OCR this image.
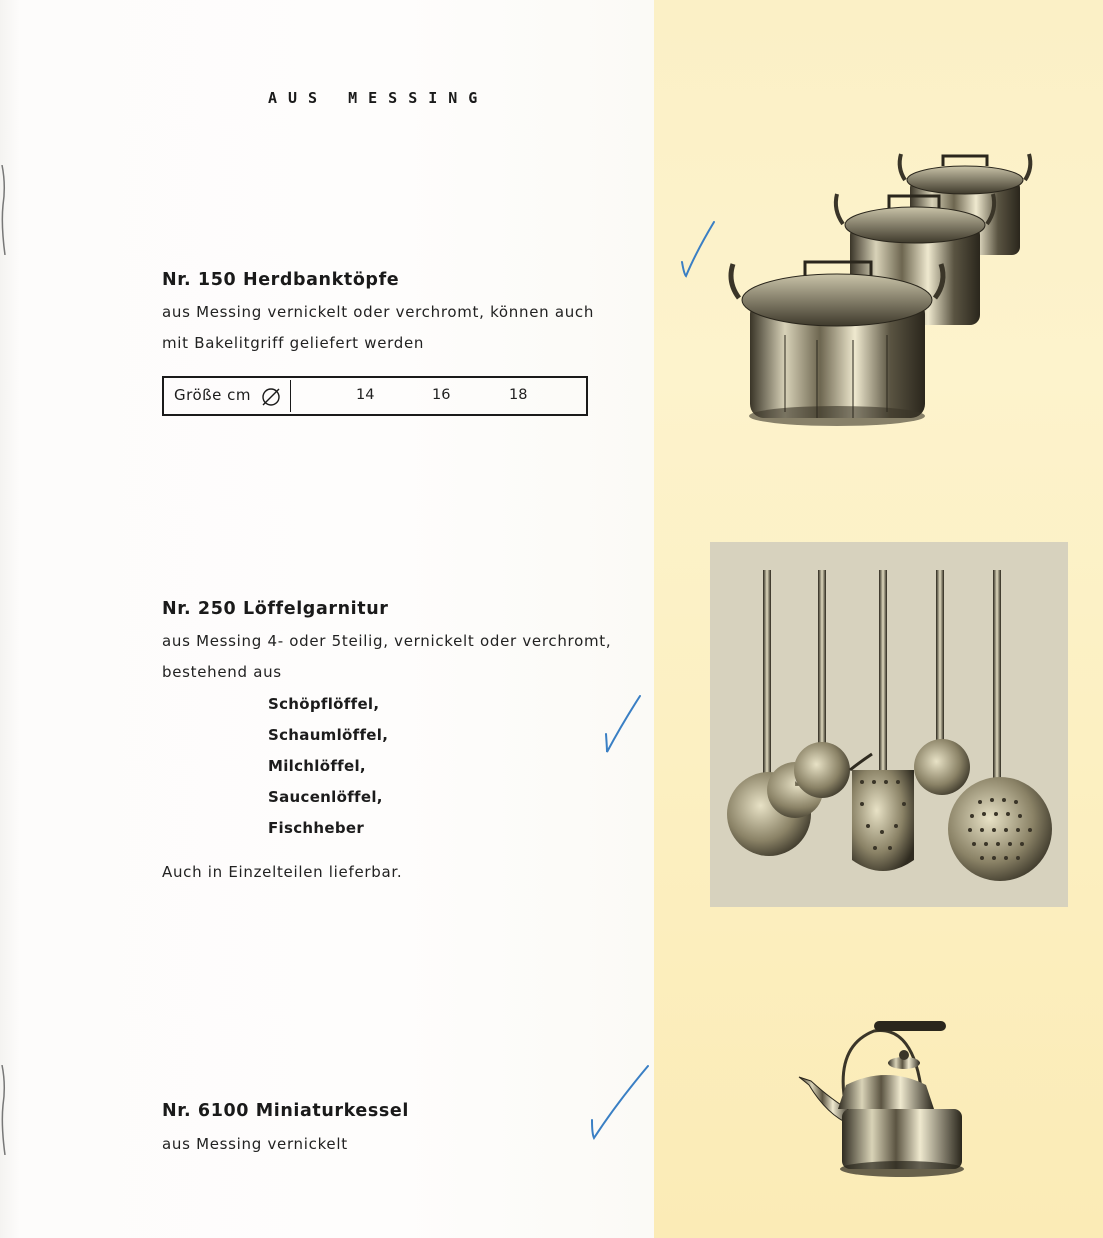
AUS MESSING
Nr. 150 Herdbanktöpfe
aus Messing vernickelt oder verchromt, können auch
mit Bakelitgriff geliefert werden
Größe cm	14	16	18
Nr. 250 Löffelgarnitur
aus Messing 4- oder 5teilig, vernickelt oder verchromt,
bestehend aus
Schöpflöffel,
Schaumlöffel,
Milchlöffel,
Saucenlöffel,
Fischheber
Auch in Einzelteilen lieferbar.
Nr. 6100 Miniaturkessel
aus Messing vernickelt
